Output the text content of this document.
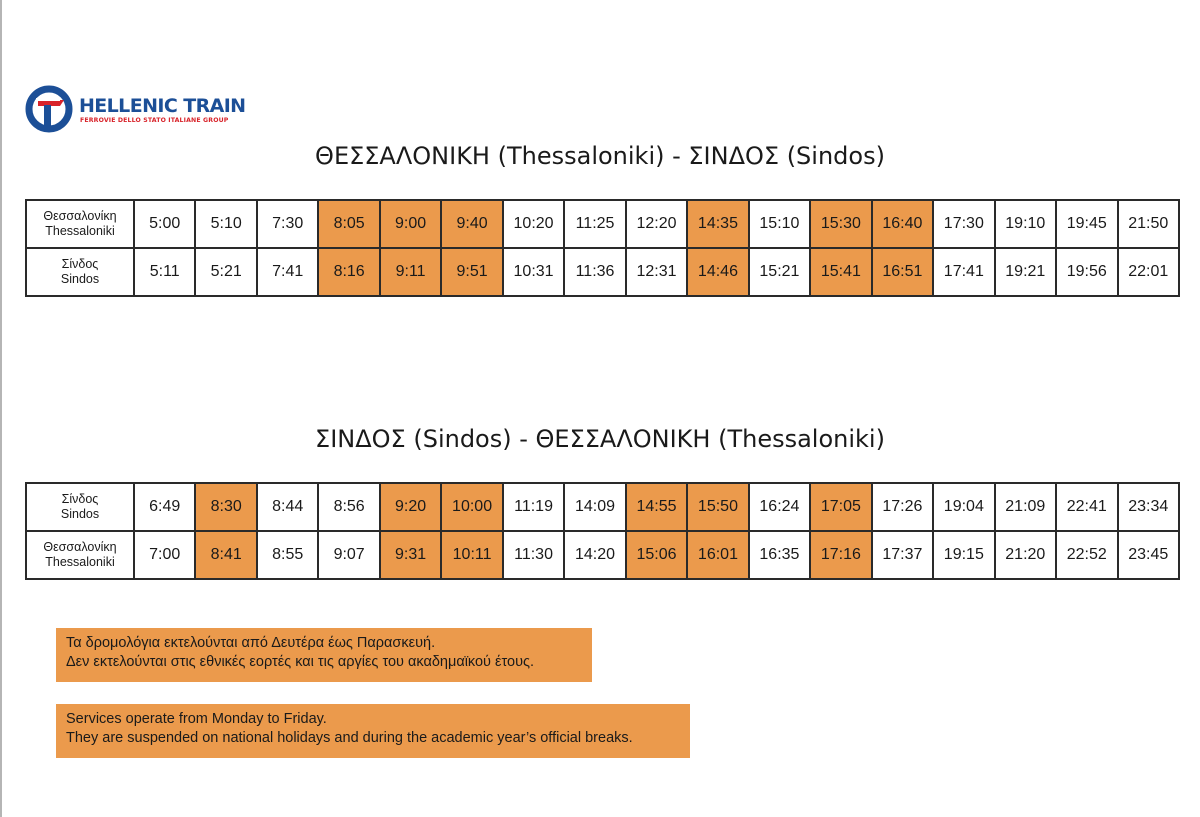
HELLENIC TRAIN
FERROVIE DELLO STATO ITALIANE GROUP
ΘΕΣΣΑΛΟΝΙΚΗ (Thessaloniki) - ΣΙΝΔΟΣ (Sindos)
Θεσσαλονίκη
Thessaloniki	5:00	5:10	7:30	8:05	9:00	9:40	10:20	11:25	12:20	14:35	15:10	15:30	16:40	17:30	19:10	19:45	21:50

Σίνδος
Sindos	5:11	5:21	7:41	8:16	9:11	9:51	10:31	11:36	12:31	14:46	15:21	15:41	16:51	17:41	19:21	19:56	22:01
ΣΙΝΔΟΣ (Sindos) - ΘΕΣΣΑΛΟΝΙΚΗ (Thessaloniki)
Σίνδος
Sindos	6:49	8:30	8:44	8:56	9:20	10:00	11:19	14:09	14:55	15:50	16:24	17:05	17:26	19:04	21:09	22:41	23:34

Θεσσαλονίκη
Thessaloniki	7:00	8:41	8:55	9:07	9:31	10:11	11:30	14:20	15:06	16:01	16:35	17:16	17:37	19:15	21:20	22:52	23:45
Τα δρομολόγια εκτελούνται από Δευτέρα έως Παρασκευή.
Δεν εκτελούνται στις εθνικές εορτές και τις αργίες του ακαδημαϊκού έτους.
Services operate from Monday to Friday.
They are suspended on national holidays and during the academic year’s official breaks.
